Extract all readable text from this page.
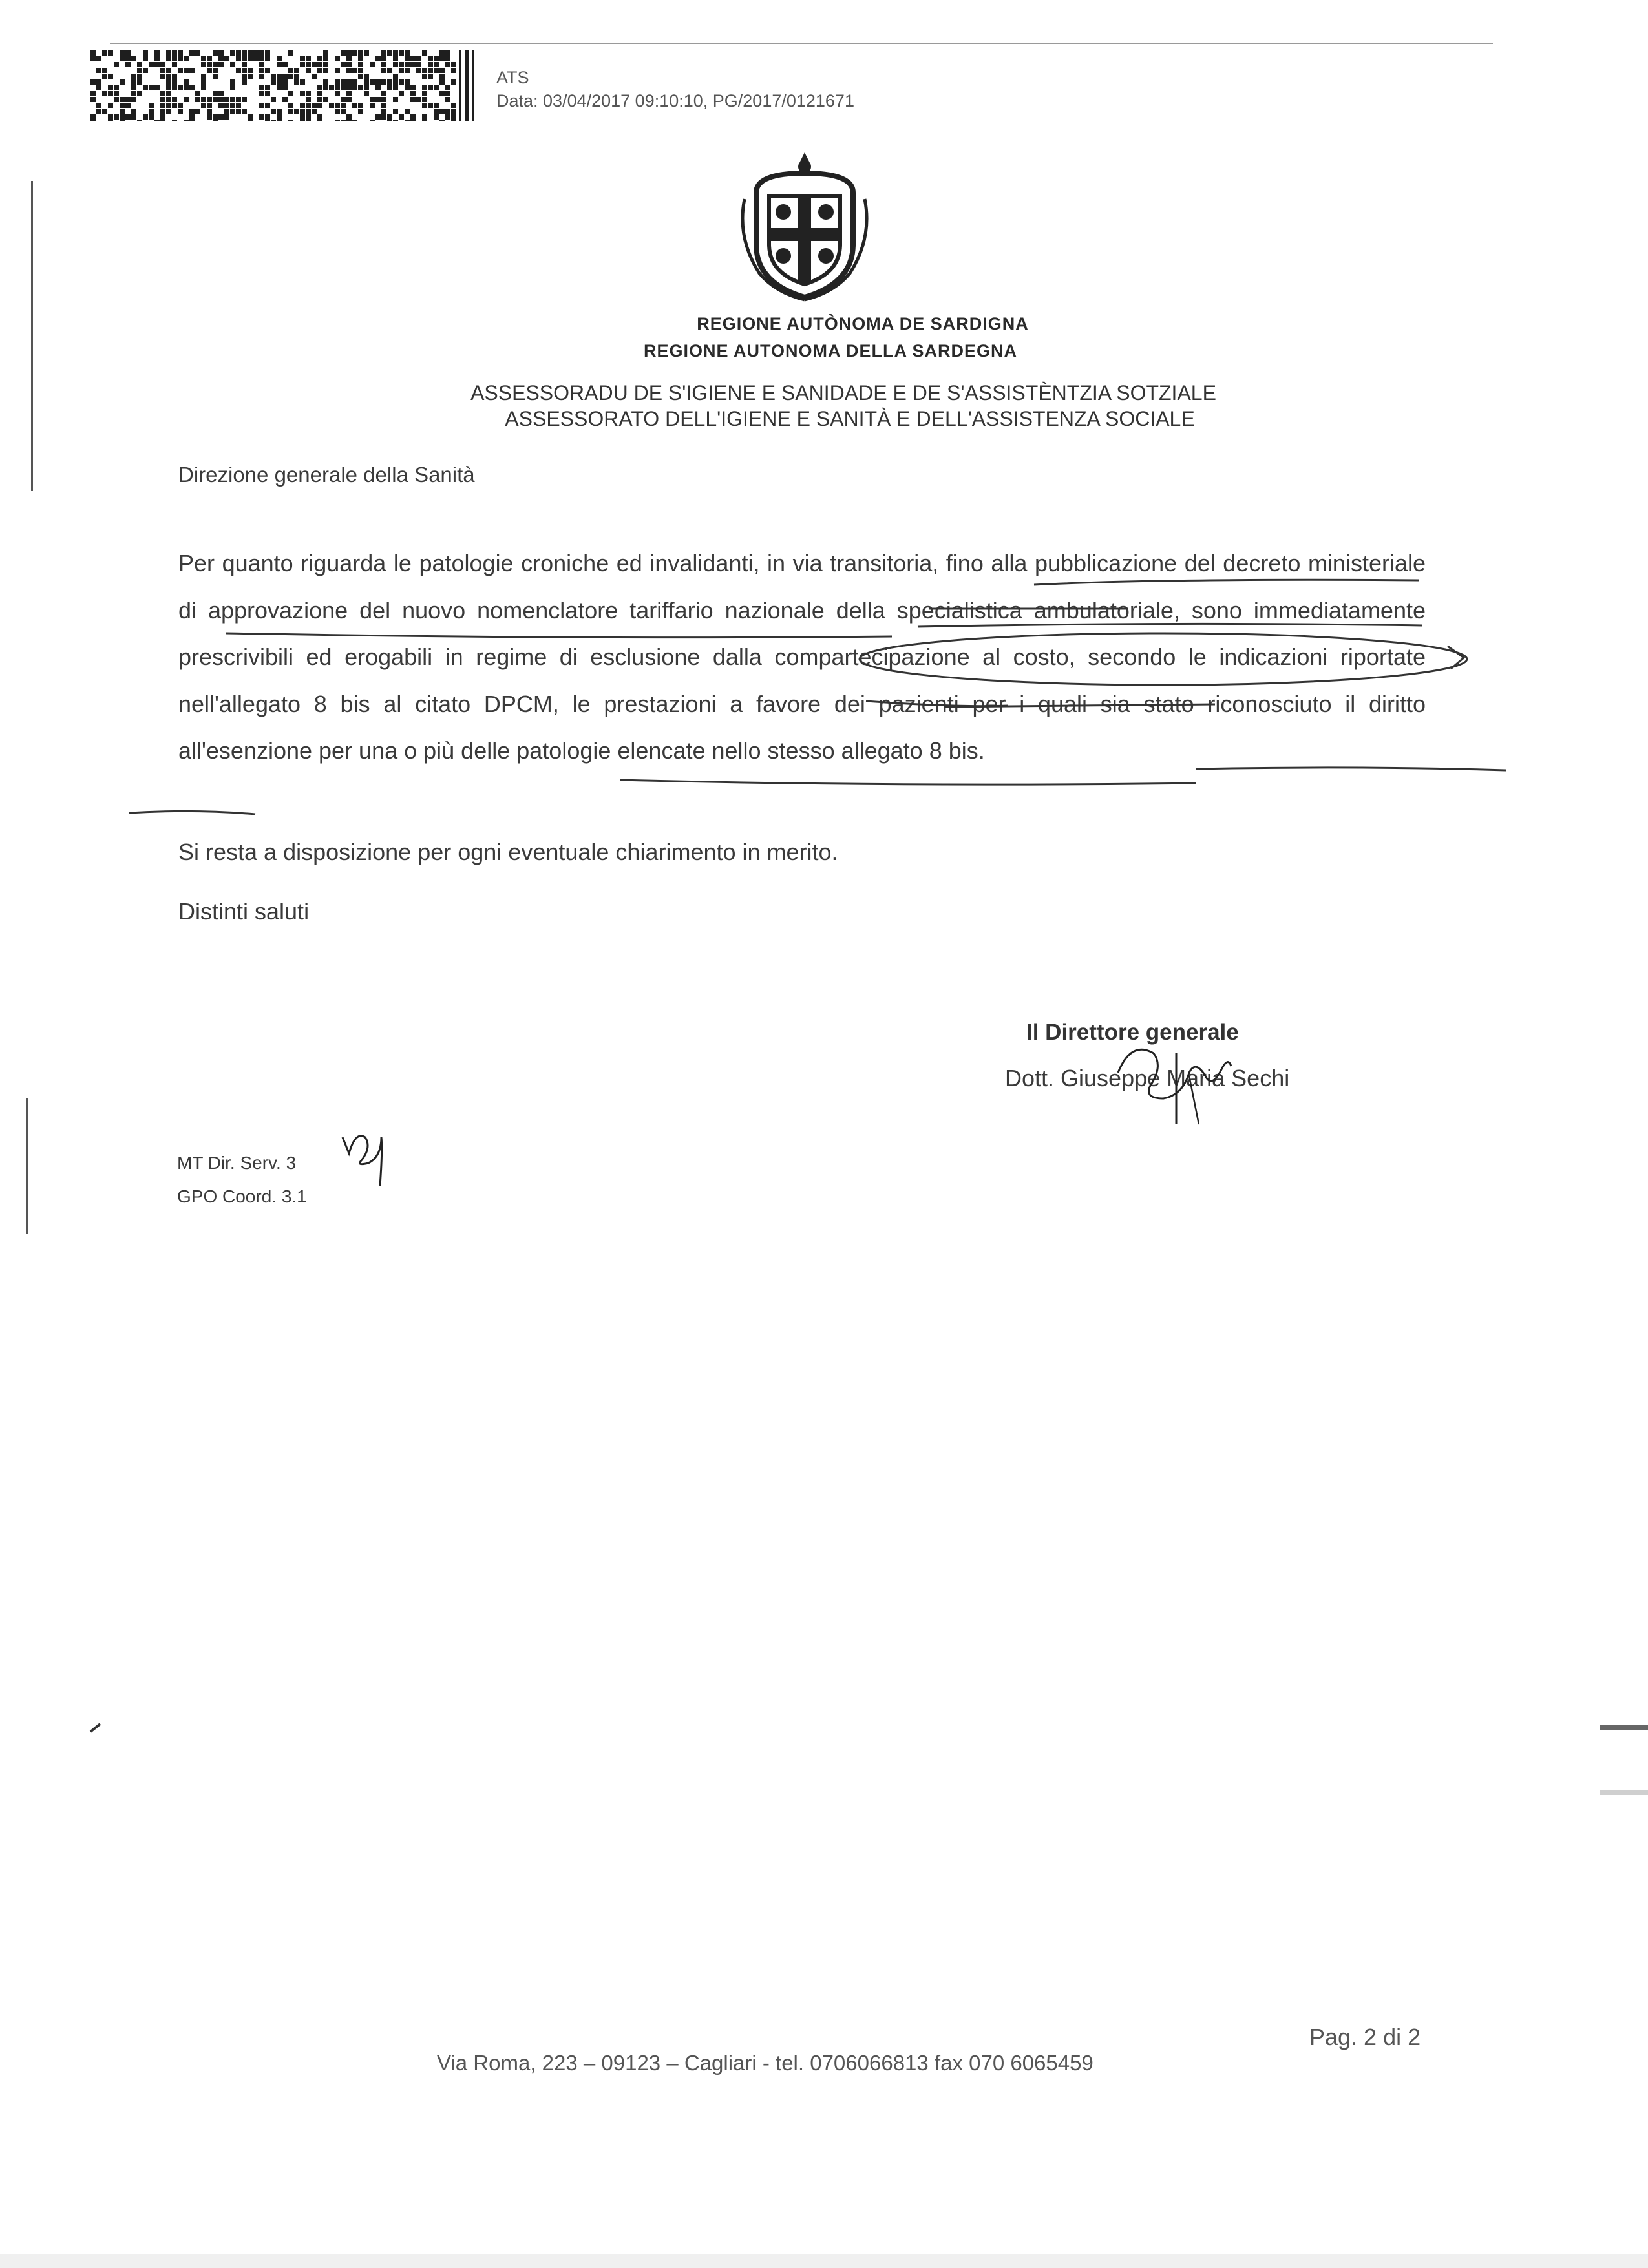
ATS
Data: 03/04/2017 09:10:10, PG/2017/0121671
REGIONE AUTÒNOMA DE SARDIGNA
REGIONE AUTONOMA DELLA SARDEGNA
ASSESSORADU DE S'IGIENE E SANIDADE E DE S'ASSISTÈNTZIA SOTZIALE
ASSESSORATO DELL'IGIENE E SANITÀ E DELL'ASSISTENZA SOCIALE
Direzione generale della Sanità

Per quanto riguarda le patologie croniche ed invalidanti, in via transitoria, fino alla pubblicazione del decreto ministeriale di approvazione del nuovo nomenclatore tariffario nazionale della specialistica ambulatoriale, sono immediatamente prescrivibili ed erogabili in regime di esclusione dalla compartecipazione al costo, secondo le indicazioni riportate nell'allegato 8 bis al citato DPCM, le prestazioni a favore dei pazienti per i quali sia stato riconosciuto il diritto all'esenzione per una o più delle patologie elencate nello stesso allegato 8 bis.

Si resta a disposizione per ogni eventuale chiarimento in merito.
Distinti saluti
Il Direttore generale
Dott. Giuseppe Maria Sechi
MT Dir. Serv. 3
GPO Coord. 3.1
Pag. 2 di 2
Via Roma, 223 – 09123 – Cagliari - tel. 0706066813 fax 070 6065459
